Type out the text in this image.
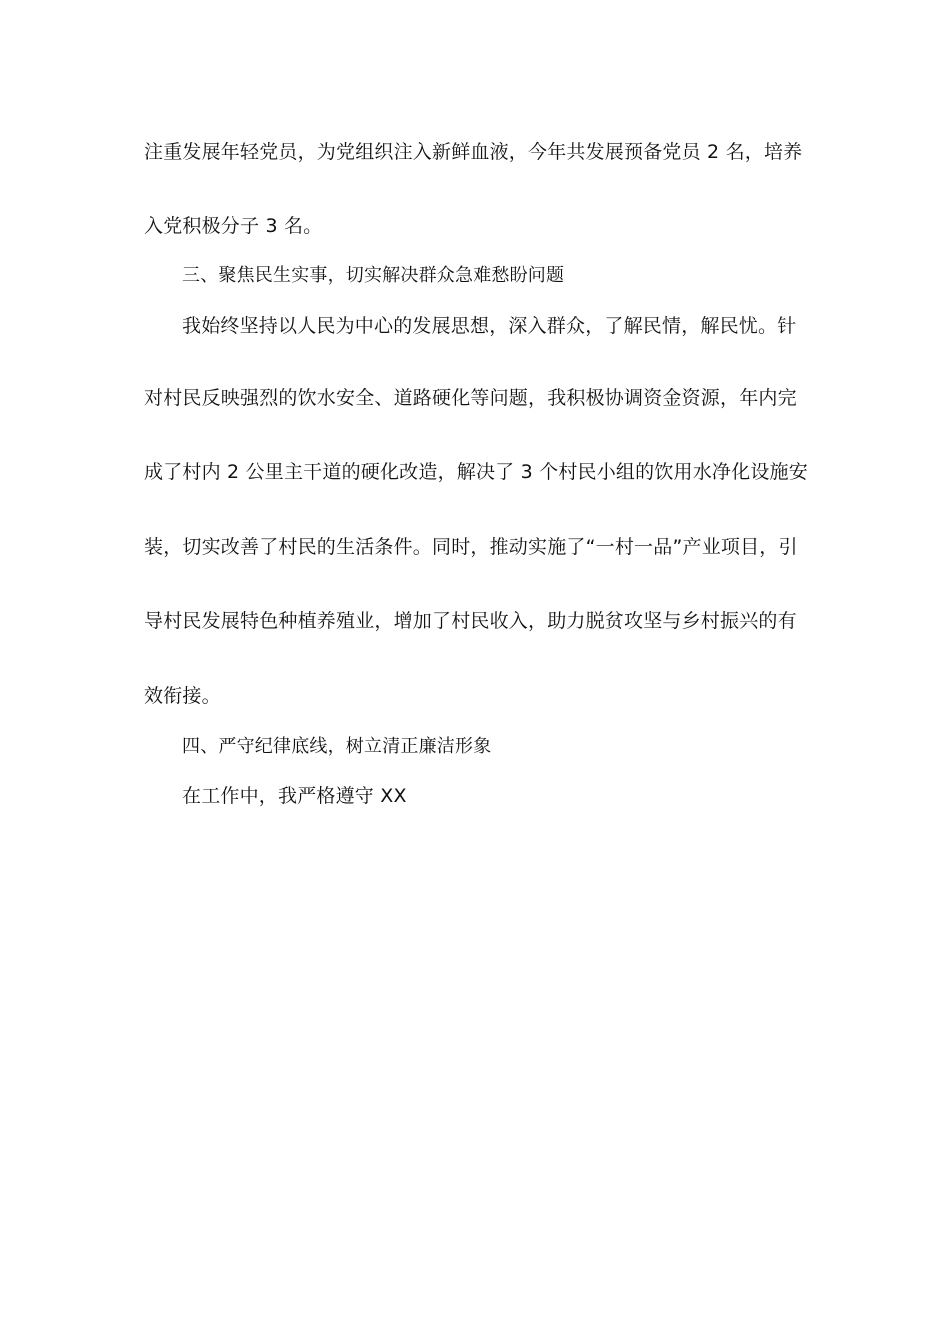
注重发展年轻党员，为党组织注入新鲜血液，今年共发展预备党员 2 名，培养
入党积极分子 3 名。
三、聚焦民生实事，切实解决群众急难愁盼问题
我始终坚持以人民为中心的发展思想，深入群众，了解民情，解民忧。针
对村民反映强烈的饮水安全、道路硬化等问题，我积极协调资金资源，年内完
成了村内 2 公里主干道的硬化改造，解决了 3 个村民小组的饮用水净化设施安
装，切实改善了村民的生活条件。同时，推动实施了“一村一品”产业项目，引
导村民发展特色种植养殖业，增加了村民收入，助力脱贫攻坚与乡村振兴的有
效衔接。
四、严守纪律底线，树立清正廉洁形象
在工作中，我严格遵守 XX
